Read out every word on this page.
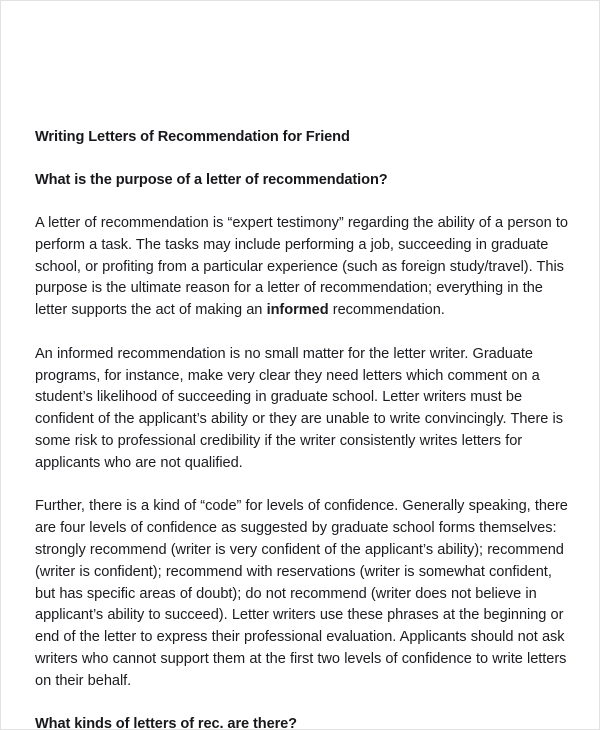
Writing Letters of Recommendation for Friend
What is the purpose of a letter of recommendation?

A letter of recommendation is “expert testimony” regarding the ability of a person to perform a task. The tasks may include performing a job, succeeding in graduate school, or profiting from a particular experience (such as foreign study/travel). This purpose is the ultimate reason for a letter of recommendation; everything in the letter supports the act of making an informed recommendation.

An informed recommendation is no small matter for the letter writer. Graduate programs, for instance, make very clear they need letters which comment on a student’s likelihood of succeeding in graduate school. Letter writers must be confident of the applicant’s ability or they are unable to write convincingly. There is some risk to professional credibility if the writer consistently writes letters for applicants who are not qualified.

Further, there is a kind of “code” for levels of confidence. Generally speaking, there are four levels of confidence as suggested by graduate school forms themselves: strongly recommend (writer is very confident of the applicant’s ability); recommend (writer is confident); recommend with reservations (writer is somewhat confident, but has specific areas of doubt); do not recommend (writer does not believe in applicant’s ability to succeed). Letter writers use these phrases at the beginning or end of the letter to express their professional evaluation. Applicants should not ask writers who cannot support them at the first two levels of confidence to write letters on their behalf.

What kinds of letters of rec. are there?
